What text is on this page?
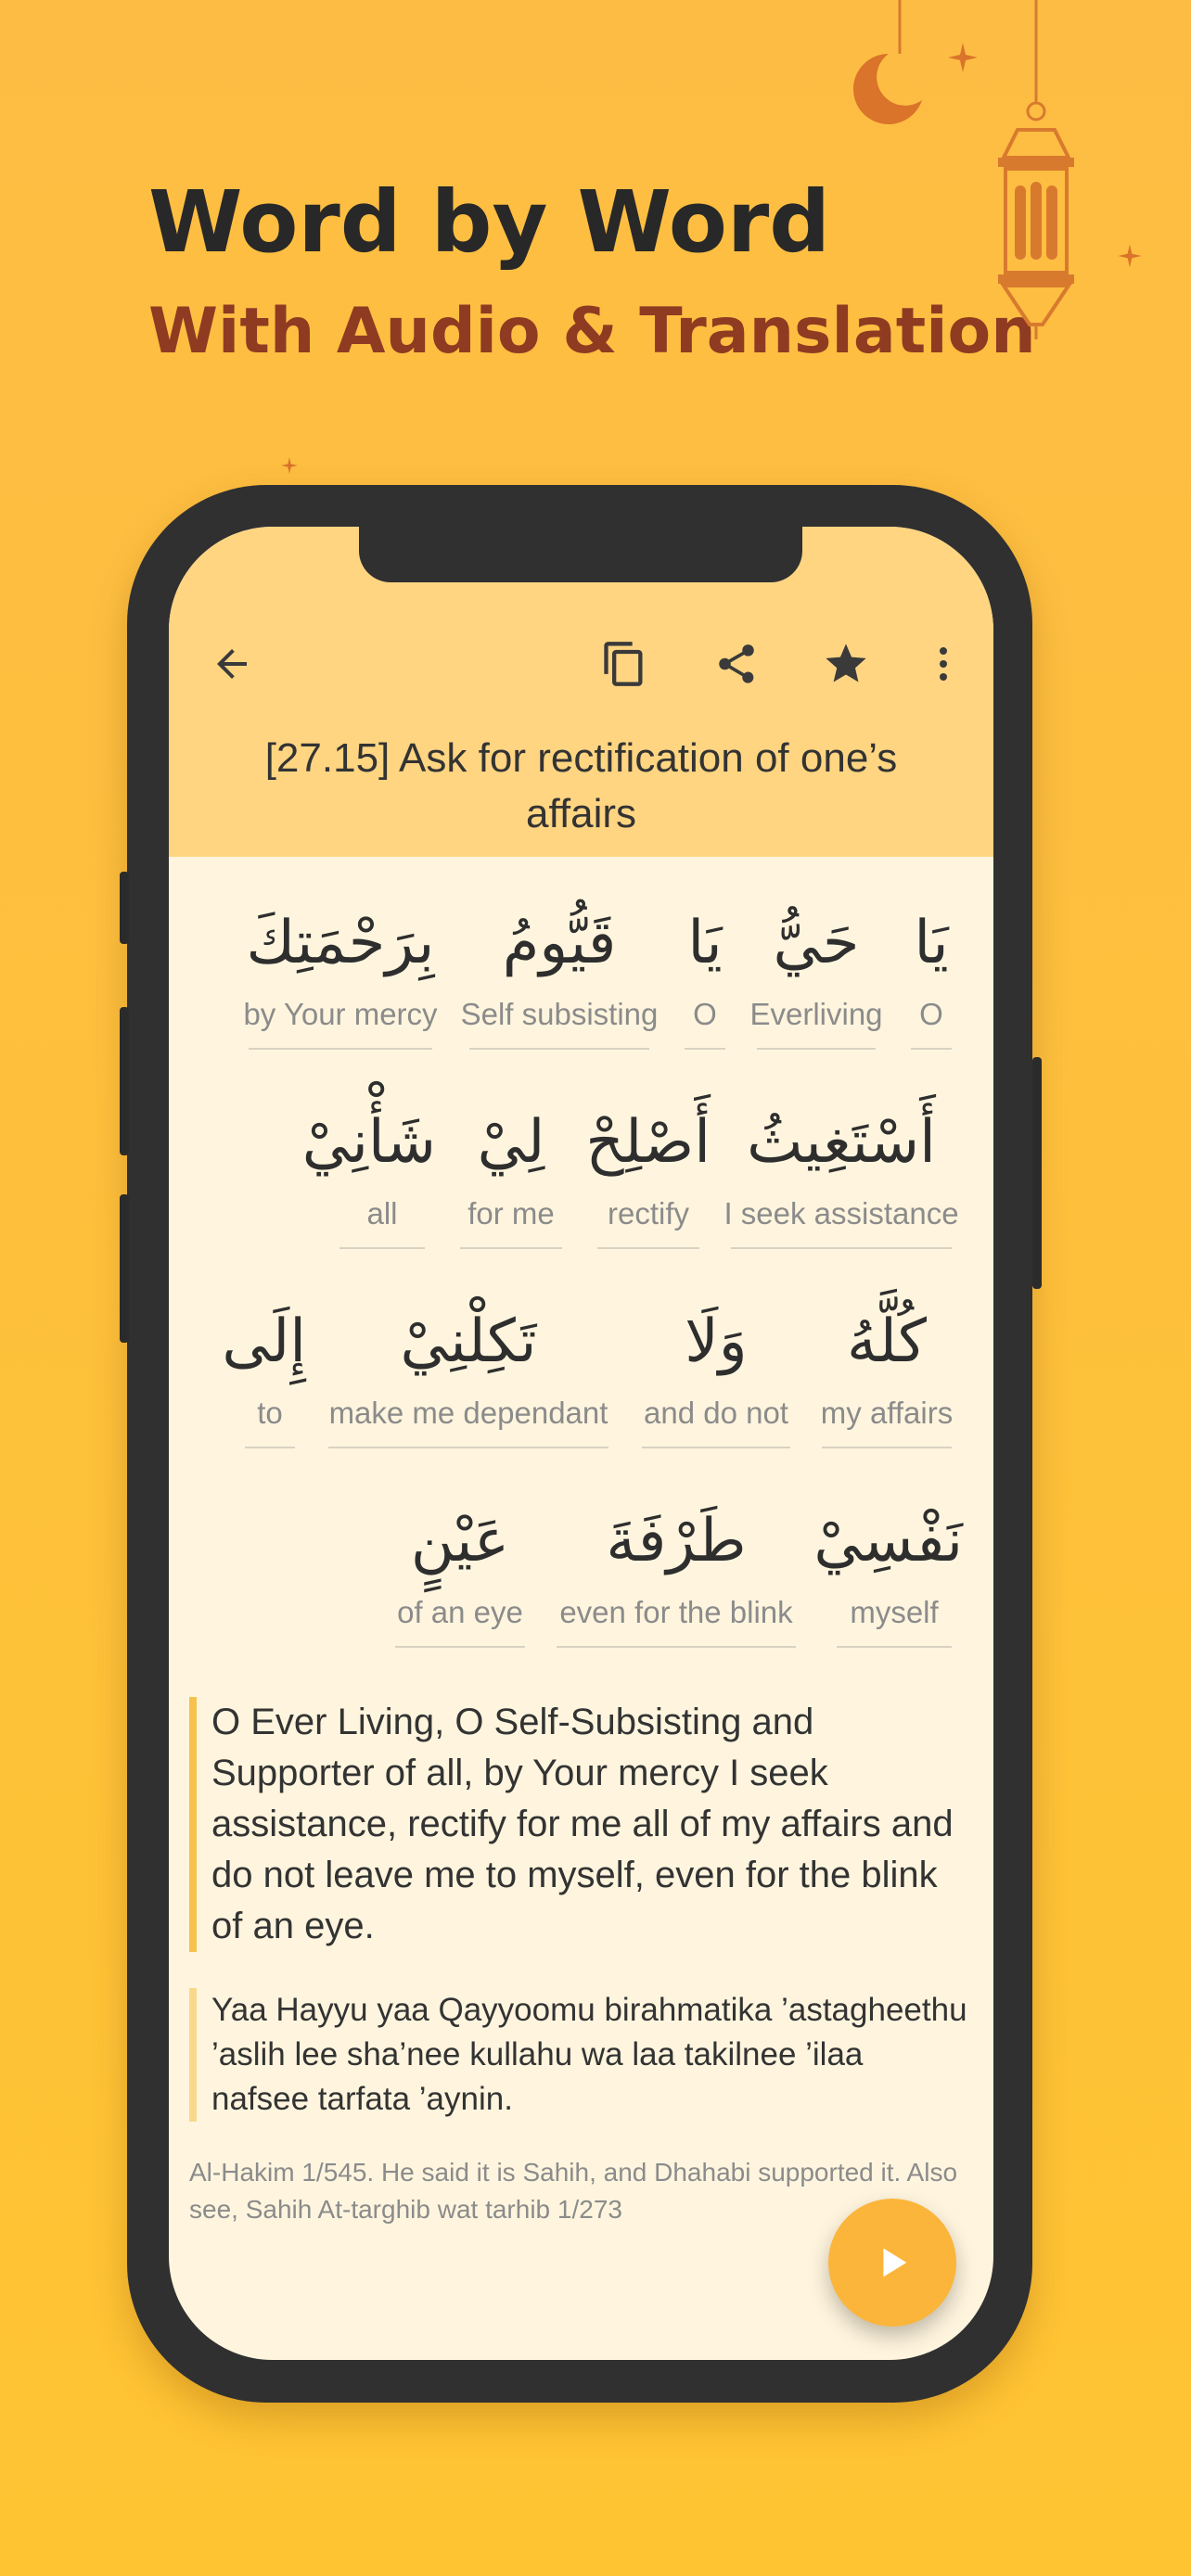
Word by Word
With Audio & Translation
[27.15] Ask for rectification of one’s affairs
يَا
O
حَيُّ
Everliving
يَا
O
قَيُّومُ
Self subsisting
بِرَحْمَتِكَ
by Your mercy
أَسْتَغِيثُ
I seek assistance
أَصْلِحْ
rectify
لِيْ
for me
شَأْنِيْ
all
كُلَّهُ
my affairs
وَلَا
and do not
تَكِلْنِيْ
make me dependant
إِلَى
to
نَفْسِيْ
myself
طَرْفَةَ
even for the blink
عَيْنٍ
of an eye
O Ever Living, O Self-Subsisting and Supporter of all, by Your mercy I seek assistance, rectify for me all of my affairs and do not leave me to myself, even for the blink of an eye.
Yaa Hayyu yaa Qayyoomu birahmatika ’astagheethu ’aslih lee sha’nee kullahu wa laa takilnee ’ilaa nafsee tarfata ’aynin.
Al-Hakim 1/545. He said it is Sahih, and Dhahabi supported it. Also see, Sahih At-targhib wat tarhib 1/273
